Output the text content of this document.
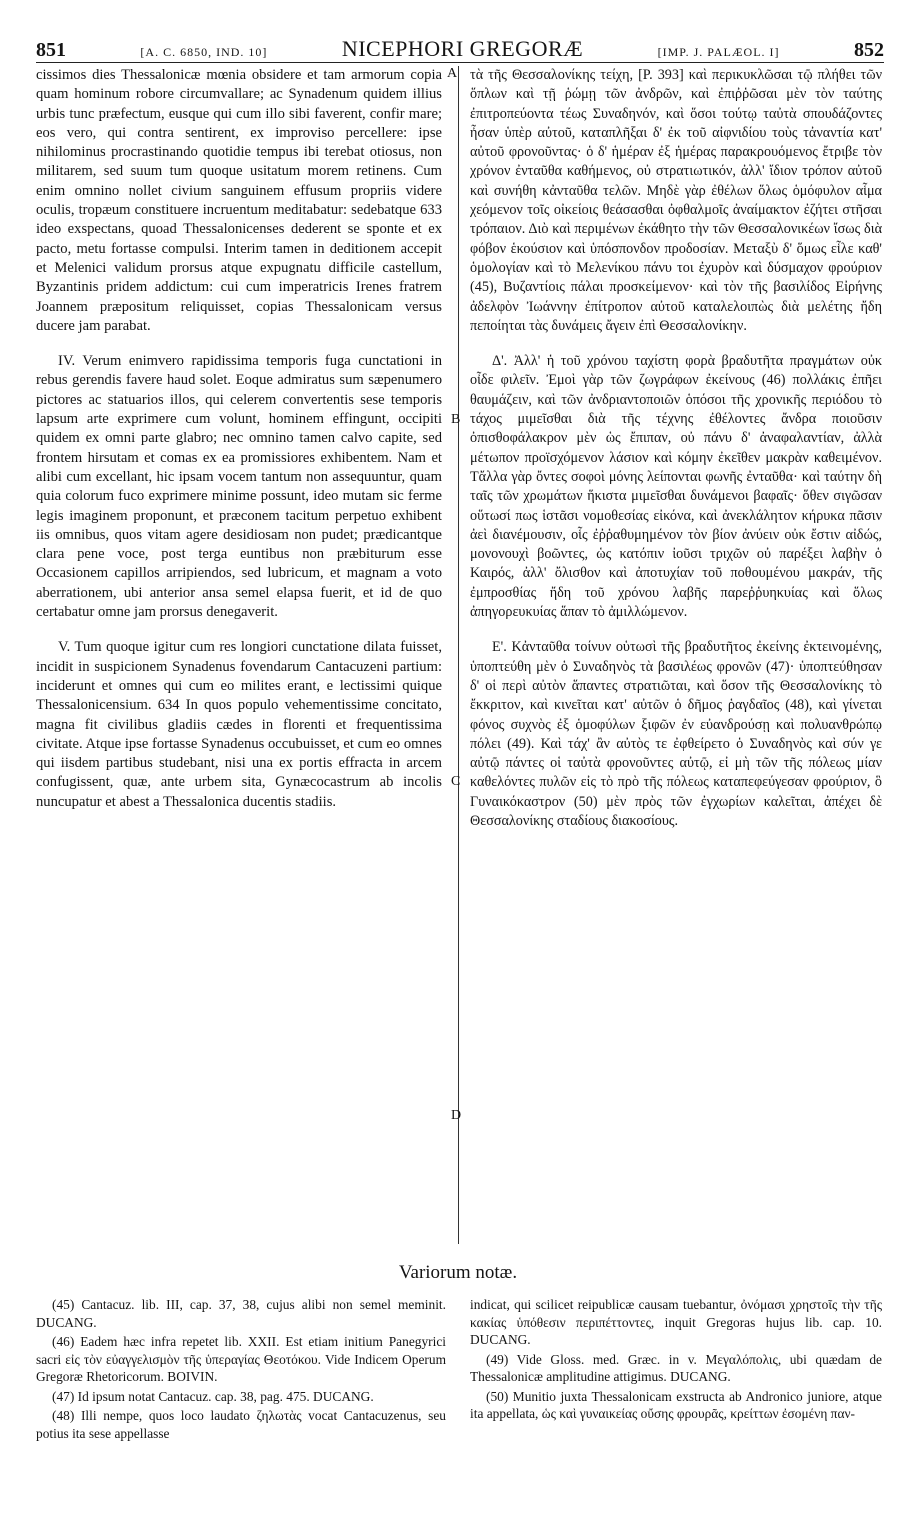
851	[A. C. 6850, IND. 10]	NICEPHORI GREGORÆ	[IMP. J. PALÆOL. I]	852

cissimos dies Thessalonicæ mœnia obsidere et tam armorum copia quam hominum robore circumvallare; ac Synadenum quidem illius urbis tunc præfectum, eusque qui cum illo sibi faverent, confir mare; eos vero, qui contra sentirent, ex improviso percellere: ipse nihilominus procrastinando quotidie tempus ibi terebat otiosus, non militarem, sed suum tum quoque usitatum morem retinens. Cum enim omnino nollet civium sanguinem effusum propriis videre oculis, tropæum constituere incruentum meditabatur: sedebatque 633 ideo exspectans, quoad Thessalonicenses dederent se sponte et ex pacto, metu fortasse compulsi. Interim tamen in deditionem accepit et Melenici validum prorsus atque expugnatu difficile castellum, Byzantinis pridem addictum: cui cum imperatricis Irenes fratrem Joannem præpositum reliquisset, copias Thessalonicam versus ducere jam parabat.

IV. Verum enimvero rapidissima temporis fuga cunctationi in rebus gerendis favere haud solet. Eoque admiratus sum sæpenumero pictores ac statuarios illos, qui celerem convertentis sese temporis lapsum arte exprimere cum volunt, hominem effingunt, occipiti quidem ex omni parte glabro; nec omnino tamen calvo capite, sed frontem hirsutam et comas ex ea promissiores exhibentem. Nam et alibi cum excellant, hic ipsam vocem tantum non assequuntur, quam quia colorum fuco exprimere minime possunt, ideo mutam sic ferme legis imaginem proponunt, et præconem tacitum perpetuo exhibent iis omnibus, quos vitam agere desidiosam non pudet; prædicantque clara pene voce, post terga euntibus non præbiturum esse Occasionem capillos arripiendos, sed lubricum, et magnam a voto aberrationem, ubi anterior ansa semel elapsa fuerit, et id de quo certabatur omne jam prorsus denegaverit.

V. Tum quoque igitur cum res longiori cunctatione dilata fuisset, incidit in suspicionem Synadenus fovendarum Cantacuzeni partium: inciderunt et omnes qui cum eo milites erant, e lectissimi quique Thessalonicensium. 634 In quos populo vehementissime concitato, magna fit civilibus gladiis cædes in florenti et frequentissima civitate. Atque ipse fortasse Synadenus occubuisset, et cum eo omnes qui iisdem partibus studebant, nisi una ex portis effracta in arcem confugissent, quæ, ante urbem sita, Gynæcocastrum ab incolis nuncupatur et abest a Thessalonica ducentis stadiis.

A
B
C
D

τὰ τῆς Θεσσαλονίκης τείχη, [P. 393] καὶ περικυκλῶσαι τῷ πλήθει τῶν ὅπλων καὶ τῇ ῥώμῃ τῶν ἀνδρῶν, καὶ ἐπιῤῥῶσαι μὲν τὸν ταύτης ἐπιτροπεύοντα τέως Συναδηνόν, καὶ ὅσοι τούτῳ ταὐτὰ σπουδάζοντες ἦσαν ὑπὲρ αὐτοῦ, καταπλῆξαι δ' ἐκ τοῦ αἰφνιδίου τοὺς τἀναντία κατ' αὐτοῦ φρονοῦντας· ὁ δ' ἡμέραν ἐξ ἡμέρας παρακρουόμενος ἔτριβε τὸν χρόνον ἐνταῦθα καθήμενος, οὐ στρατιωτικόν, ἀλλ' ἴδιον τρόπον αὐτοῦ καὶ συνήθη κἀνταῦθα τελῶν. Μηδὲ γὰρ ἐθέλων ὅλως ὁμόφυλον αἷμα χεόμενον τοῖς οἰκείοις θεάσασθαι ὀφθαλμοῖς ἀναίμακτον ἐζήτει στῆσαι τρόπαιον. Διὸ καὶ περιμένων ἐκάθητο τὴν τῶν Θεσσαλονικέων ἴσως διὰ φόβον ἑκούσιον καὶ ὑπόσπονδον προδοσίαν. Μεταξὺ δ' ὅμως εἷλε καθ' ὁμολογίαν καὶ τὸ Μελενίκου πάνυ τοι ἐχυρὸν καὶ δύσμαχον φρούριον (45), Βυζαντίοις πάλαι προσκείμενον· καὶ τὸν τῆς βασιλίδος Εἰρήνης ἀδελφὸν Ἰωάννην ἐπίτροπον αὐτοῦ καταλελοιπὼς διὰ μελέτης ἤδη πεποίηται τὰς δυνάμεις ἄγειν ἐπὶ Θεσσαλονίκην.

Δ'. Ἀλλ' ἡ τοῦ χρόνου ταχίστη φορὰ βραδυτῆτα πραγμάτων οὐκ οἶδε φιλεῖν. Ἐμοὶ γὰρ τῶν ζωγράφων ἐκείνους (46) πολλάκις ἐπῆει θαυμάζειν, καὶ τῶν ἀνδριαντοποιῶν ὁπόσοι τῆς χρονικῆς περιόδου τὸ τάχος μιμεῖσθαι διὰ τῆς τέχνης ἐθέλοντες ἄνδρα ποιοῦσιν ὀπισθοφάλακρον μὲν ὡς ἔπιπαν, οὐ πάνυ δ' ἀναφαλαντίαν, ἀλλὰ μέτωπον προϊσχόμενον λάσιον καὶ κόμην ἐκεῖθεν μακρὰν καθειμένον. Τἄλλα γὰρ ὄντες σοφοὶ μόνης λείπονται φωνῆς ἐνταῦθα· καὶ ταύτην δὴ ταῖς τῶν χρωμάτων ἥκιστα μιμεῖσθαι δυνάμενοι βαφαῖς· ὅθεν σιγῶσαν οὕτωσί πως ἱστᾶσι νομοθεσίας εἰκόνα, καὶ ἀνεκλάλητον κήρυκα πᾶσιν ἀεὶ διανέμουσιν, οἷς ἐῤῥαθυμημένον τὸν βίον ἀνύειν οὐκ ἔστιν αἰδώς, μονονουχὶ βοῶντες, ὡς κατόπιν ἰοῦσι τριχῶν οὐ παρέξει λαβὴν ὁ Καιρός, ἀλλ' ὄλισθον καὶ ἀποτυχίαν τοῦ ποθουμένου μακράν, τῆς ἐμπροσθίας ἤδη τοῦ χρόνου λαβῆς παρεῤῥυηκυίας καὶ ὅλως ἀπηγορευκυίας ἅπαν τὸ ἀμιλλώμενον.

Ε'. Κἀνταῦθα τοίνυν οὑτωσὶ τῆς βραδυτῆτος ἐκείνης ἐκτεινομένης, ὑποπτεύθη μὲν ὁ Συναδηνὸς τὰ βασιλέως φρονῶν (47)· ὑποπτεύθησαν δ' οἱ περὶ αὐτὸν ἅπαντες στρατιῶται, καὶ ὅσον τῆς Θεσσαλονίκης τὸ ἔκκριτον, καὶ κινεῖται κατ' αὐτῶν ὁ δῆμος ῥαγδαῖος (48), καὶ γίνεται φόνος συχνὸς ἐξ ὁμοφύλων ξιφῶν ἐν εὐανδρούσῃ καὶ πολυανθρώπῳ πόλει (49). Καὶ τάχ' ἂν αὐτὸς τε ἐφθείρετο ὁ Συναδηνὸς καὶ σύν γε αὐτῷ πάντες οἱ ταὐτὰ φρονοῦντες αὐτῷ, εἰ μὴ τῶν τῆς πόλεως μίαν καθελόντες πυλῶν εἰς τὸ πρὸ τῆς πόλεως καταπεφεύγεσαν φρούριον, ὃ Γυναικόκαστρον (50) μὲν πρὸς τῶν ἐγχωρίων καλεῖται, ἀπέχει δὲ Θεσσαλονίκης σταδίους διακοσίους.

Variorum notæ.

(45) Cantacuz. lib. III, cap. 37, 38, cujus alibi non semel meminit. DUCANG.

(46) Eadem hæc infra repetet lib. XXII. Est etiam initium Panegyrici sacri εἰς τὸν εὐαγγελισμὸν τῆς ὑπεραγίας Θεοτόκου. Vide Indicem Operum Gregoræ Rhetoricorum. BOIVIN.

(47) Id ipsum notat Cantacuz. cap. 38, pag. 475. DUCANG.

(48) Illi nempe, quos loco laudato ζηλωτὰς vocat Cantacuzenus, seu potius ita sese appellasse

indicat, qui scilicet reipublicæ causam tuebantur, ὀνόμασι χρηστοῖς τὴν τῆς κακίας ὑπόθεσιν περιπέττοντες, inquit Gregoras hujus lib. cap. 10. DUCANG.

(49) Vide Gloss. med. Græc. in v. Μεγαλόπολις, ubi quædam de Thessalonicæ amplitudine attigimus. DUCANG.

(50) Munitio juxta Thessalonicam exstructa ab Andronico juniore, atque ita appellata, ὡς καὶ γυναικείας οὔσης φρουρᾶς, κρείττων ἐσομένη παν-
